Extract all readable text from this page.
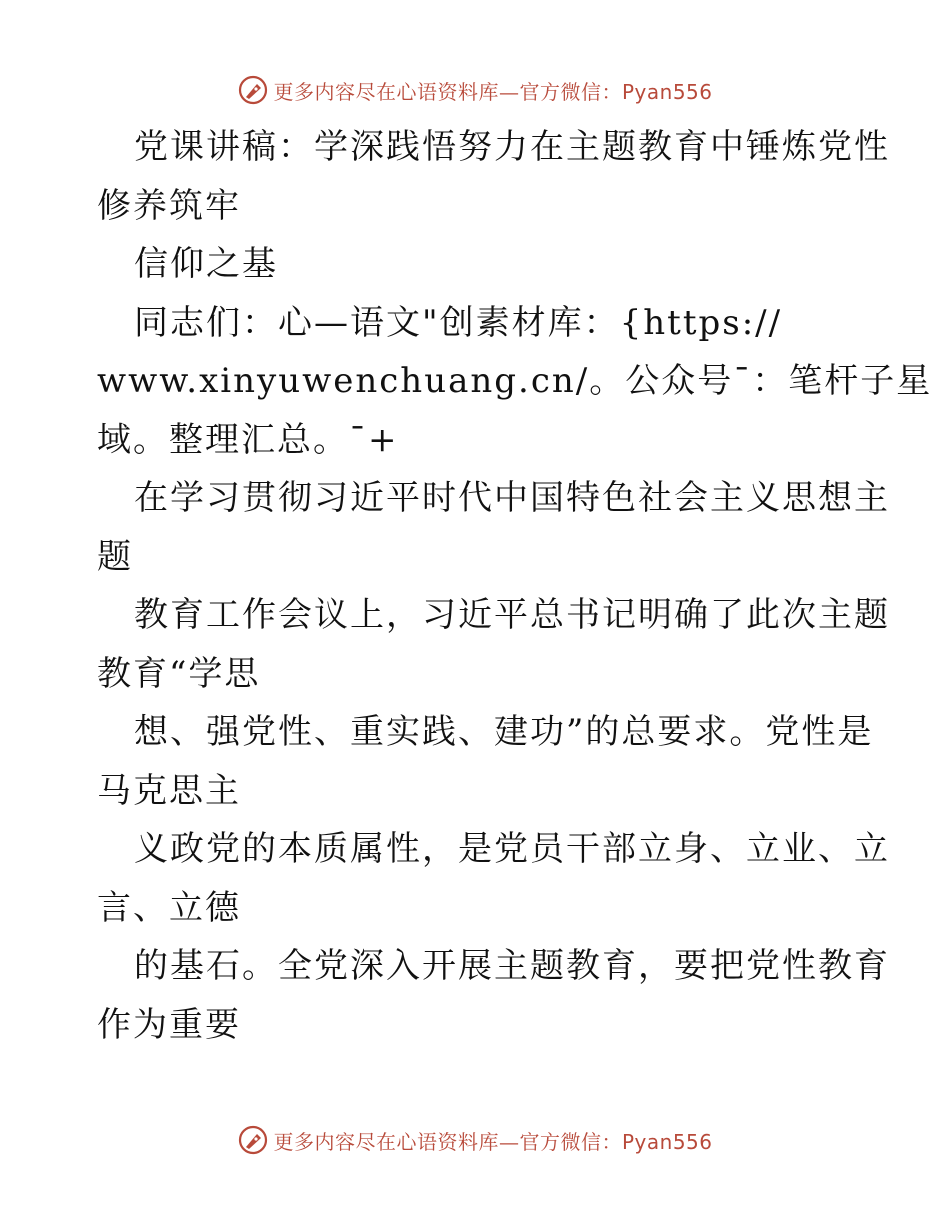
更多内容尽在心语资料库—官方微信：Pyan556
党课讲稿：学深践悟努力在主题教育中锤炼党性
修养筑牢
信仰之基
同志们：心—语文"创素材库：{https://
www.xinyuwenchuang.cn/。公众号¯：笔杆子星
域。整理汇总。¯+
在学习贯彻习近平时代中国特色社会主义思想主
题
教育工作会议上，习近平总书记明确了此次主题
教育“学思
想、强党性、重实践、建功”的总要求。党性是
马克思主
义政党的本质属性，是党员干部立身、立业、立
言、立德
的基石。全党深入开展主题教育，要把党性教育
作为重要
更多内容尽在心语资料库—官方微信：Pyan556
